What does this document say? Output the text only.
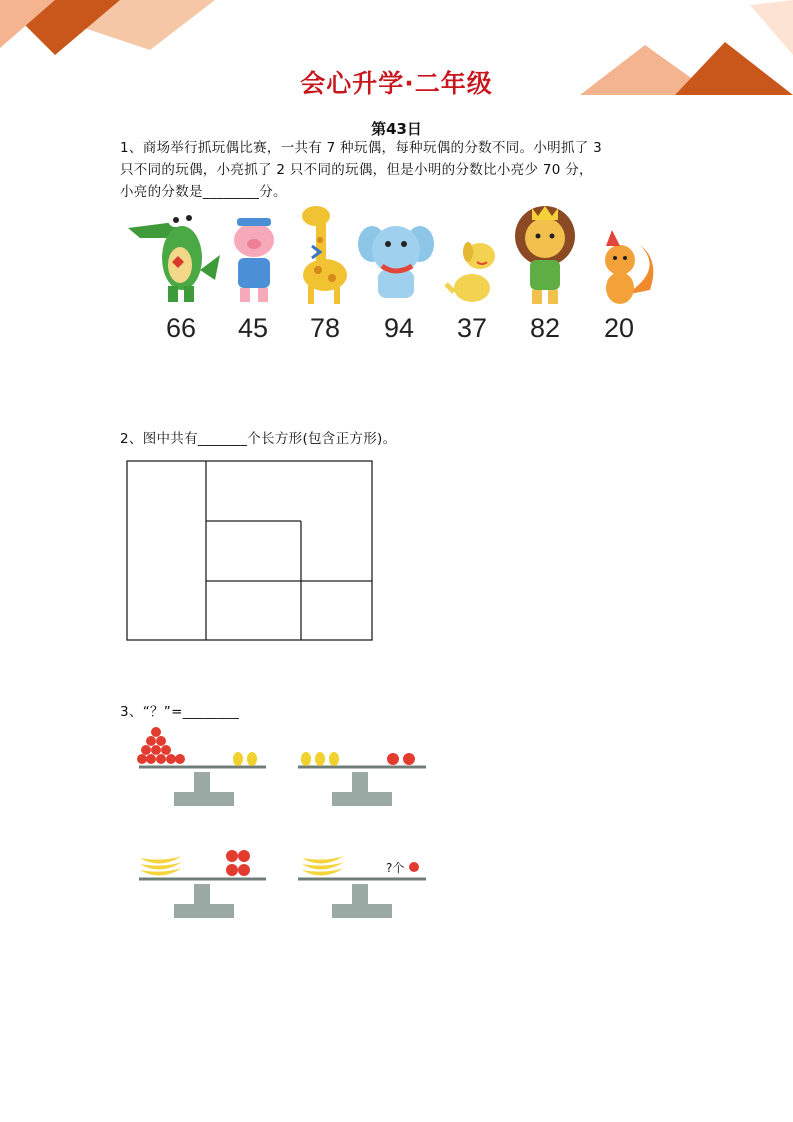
会心升学·二年级
第43日
1、商场举行抓玩偶比赛，一共有 7 种玩偶，每种玩偶的分数不同。小明抓了 3
只不同的玩偶，小亮抓了 2 只不同的玩偶，但是小明的分数比小亮少 70 分，
小亮的分数是________分。
66	45	78	94	37	82	20
2、图中共有_______个长方形(包含正方形)。
3、“？”=________
?个
